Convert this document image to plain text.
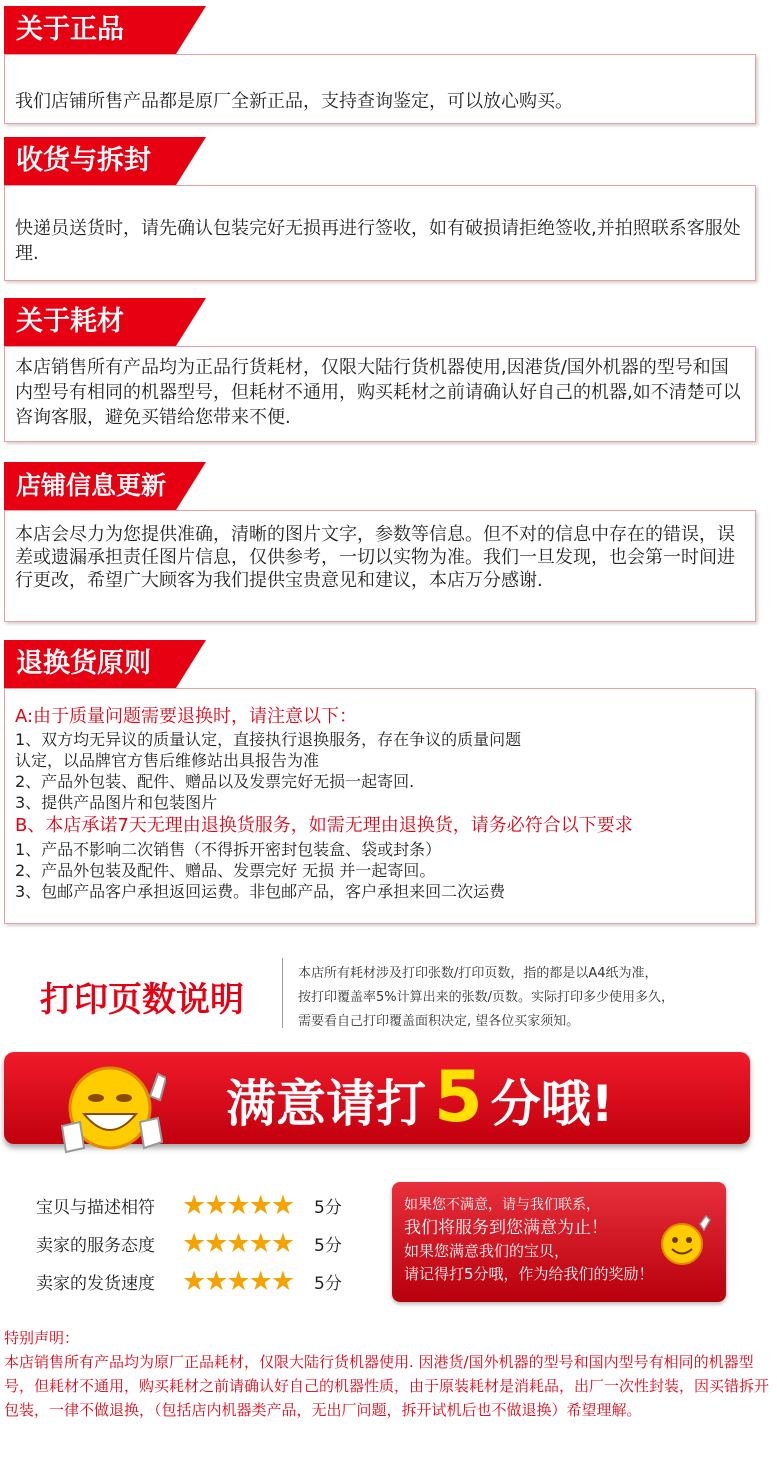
关于正品

我们店铺所售产品都是原厂全新正品，支持查询鉴定，可以放心购买。

收货与拆封

快递员送货时，请先确认包装完好无损再进行签收，如有破损请拒绝签收,并拍照联系客服处理.

关于耗材

本店销售所有产品均为正品行货耗材，仅限大陆行货机器使用,因港货/国外机器的型号和国内型号有相同的机器型号，但耗材不通用，购买耗材之前请确认好自己的机器,如不清楚可以咨询客服，避免买错给您带来不便.

店铺信息更新

本店会尽力为您提供准确，清晰的图片文字，参数等信息。但不对的信息中存在的错误，误差或遗漏承担责任图片信息，仅供参考，一切以实物为准。我们一旦发现，也会第一时间进行更改，希望广大顾客为我们提供宝贵意见和建议，本店万分感谢.

退换货原则

A:由于质量问题需要退换时，请注意以下：

1、双方均无异议的质量认定，直接执行退换服务，存在争议的质量问题

认定，以品牌官方售后维修站出具报告为准

2、产品外包装、配件、赠品以及发票完好无损一起寄回.

3、提供产品图片和包装图片

B、本店承诺7天无理由退换货服务，如需无理由退换货，请务必符合以下要求

1、产品不影响二次销售（不得拆开密封包装盒、袋或封条）

2、产品外包装及配件、赠品、发票完好 无损 并一起寄回。

3、包邮产品客户承担返回运费。非包邮产品，客户承担来回二次运费

打印页数说明

本店所有耗材涉及打印张数/打印页数，指的都是以A4纸为准，

按打印覆盖率5%计算出来的张数/页数。实际打印多少使用多久，

需要看自己打印覆盖面积决定, 望各位买家须知。

满意请打 5 分哦!
宝贝与描述相符	★★★★★	5分
卖家的服务态度	★★★★★	5分
卖家的发货速度	★★★★★	5分

如果您不满意，请与我们联系，

我们将服务到您满意为止！

如果您满意我们的宝贝，

请记得打5分哦，作为给我们的奖励！

特别声明：

本店销售所有产品均为原厂正品耗材，仅限大陆行货机器使用. 因港货/国外机器的型号和国内型号有相同的机器型号，但耗材不通用，购买耗材之前请确认好自己的机器性质，由于原装耗材是消耗品，出厂一次性封装，因买错拆开包装，一律不做退换，（包括店内机器类产品，无出厂问题，拆开试机后也不做退换）希望理解。
